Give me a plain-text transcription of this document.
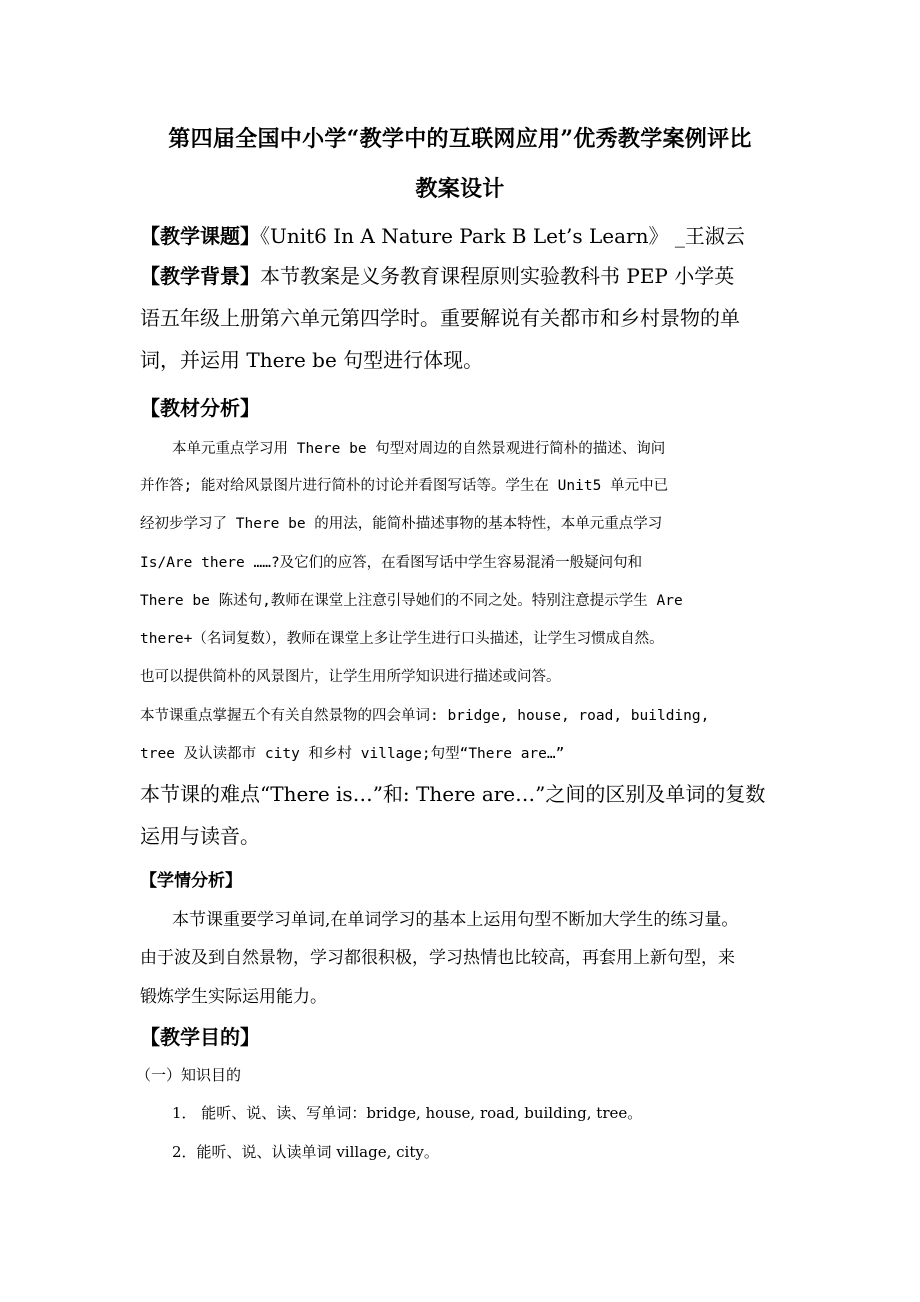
第四届全国中小学“教学中的互联网应用”优秀教学案例评比
教案设计
【教学课题】《Unit6 In A Nature Park B Let’s Learn》 _王淑云
【教学背景】本节教案是义务教育课程原则实验教科书 PEP 小学英
语五年级上册第六单元第四学时。重要解说有关都市和乡村景物的单
词，并运用 There be 句型进行体现。
【教材分析】
本单元重点学习用 There be 句型对周边的自然景观进行简朴的描述、询问
并作答; 能对给风景图片进行简朴的讨论并看图写话等。学生在 Unit5 单元中已
经初步学习了 There be 的用法，能简朴描述事物的基本特性，本单元重点学习
Is/Are there ……?及它们的应答，在看图写话中学生容易混淆一般疑问句和
There be 陈述句,教师在课堂上注意引导她们的不同之处。特别注意提示学生 Are
there+（名词复数），教师在课堂上多让学生进行口头描述，让学生习惯成自然。
也可以提供简朴的风景图片，让学生用所学知识进行描述或问答。
本节课重点掌握五个有关自然景物的四会单词: bridge, house, road, building,
tree 及认读都市 city 和乡村 village;句型“There are…”
本节课的难点“There is…”和: There are…”之间的区别及单词的复数
运用与读音。
【学情分析】
本节课重要学习单词,在单词学习的基本上运用句型不断加大学生的练习量。
由于波及到自然景物，学习都很积极，学习热情也比较高，再套用上新句型，来
锻炼学生实际运用能力。
【教学目的】
（一）知识目的
1． 能听、说、读、写单词：bridge, house, road, building, tree。
2．能听、说、认读单词 village, city。
